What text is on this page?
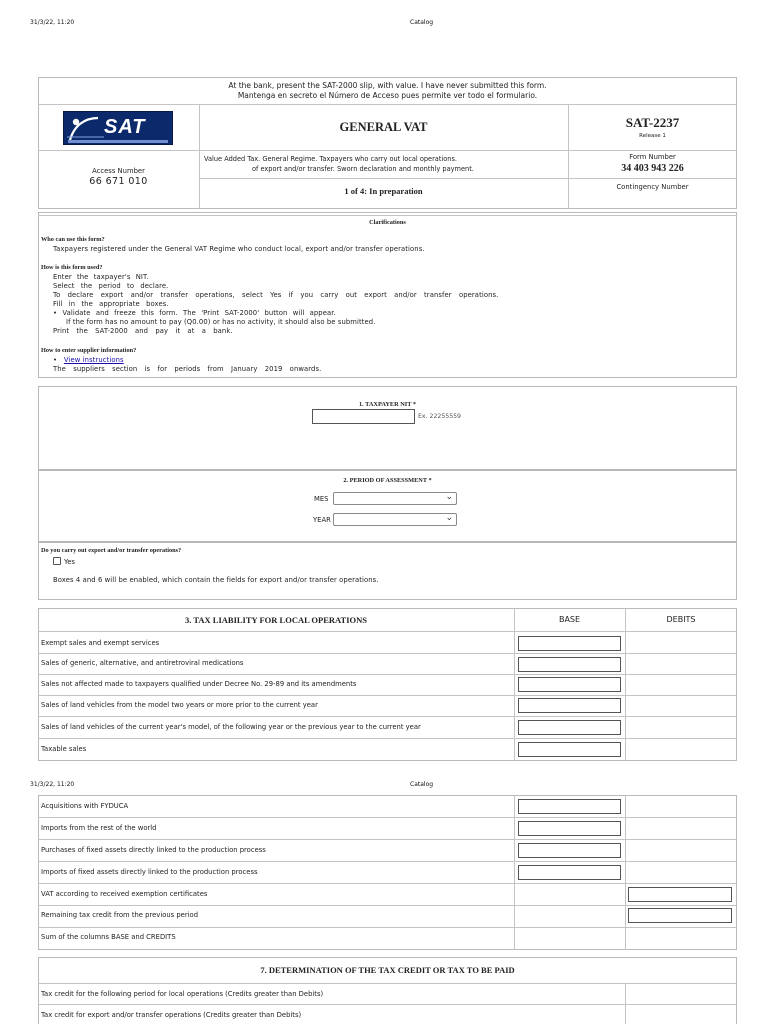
31/3/22, 11:20	Catalog
At the bank, present the SAT-2000 slip, with value. I have never submitted this form.
Mantenga en secreto el Número de Acceso pues permite ver todo el formulario.
SAT	GENERAL VAT	SAT-2237
Release 1
Access Number
66 671 010
Value Added Tax. General Regime. Taxpayers who carry out local operations.
of export and/or transfer. Sworn declaration and monthly payment.
Form Number
34 403 943 226
1 of 4: In preparation	Contingency Number
Clarifications
Who can use this form?
Taxpayers registered under the General VAT Regime who conduct local, export and/or transfer operations.
How is this form used?
Enter the taxpayer's NIT.
Select the period to declare.
To declare export and/or transfer operations, select Yes if you carry out export and/or transfer operations.
Fill in the appropriate boxes.
• Validate and freeze this form. The 'Print SAT-2000' button will appear.
If the form has no amount to pay (Q0.00) or has no activity, it should also be submitted.
Print the SAT-2000 and pay it at a bank.
How to enter supplier information?
•   View instructions
The suppliers section is for periods from January 2019 onwards.
1. TAXPAYER NIT *
Ex. 22255559
2. PERIOD OF ASSESSMENT *
MES	⌄
YEAR	⌄
Do you carry out export and/or transfer operations?
Yes
Boxes 4 and 6 will be enabled, which contain the fields for export and/or transfer operations.
3. TAX LIABILITY FOR LOCAL OPERATIONS	BASE	DEBITS
Exempt sales and exempt services
Sales of generic, alternative, and antiretroviral medications
Sales not affected made to taxpayers qualified under Decree No. 29-89 and its amendments
Sales of land vehicles from the model two years or more prior to the current year
Sales of land vehicles of the current year's model, of the following year or the previous year to the current year
Taxable sales
31/3/22, 11:20	Catalog
Acquisitions with FYDUCA
Imports from the rest of the world
Purchases of fixed assets directly linked to the production process
Imports of fixed assets directly linked to the production process
VAT according to received exemption certificates
Remaining tax credit from the previous period
Sum of the columns BASE and CREDITS
7. DETERMINATION OF THE TAX CREDIT OR TAX TO BE PAID
Tax credit for the following period for local operations (Credits greater than Debits)
Tax credit for export and/or transfer operations (Credits greater than Debits)
